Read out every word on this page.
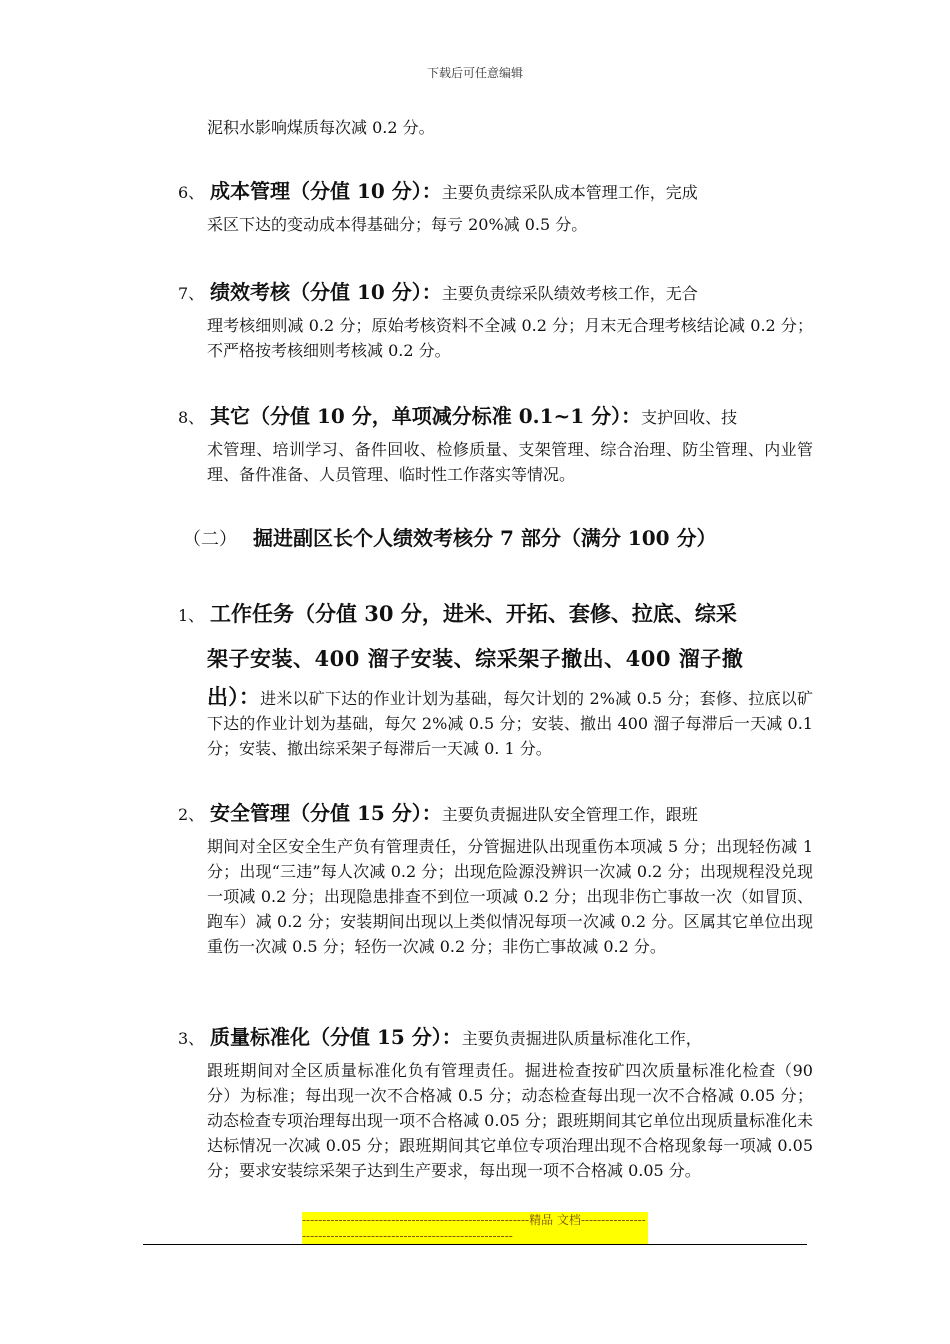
下载后可任意编辑
泥积水影响煤质每次减 0.2 分。
6、 成本管理（分值 10 分）：主要负责综采队成本管理工作，完成
采区下达的变动成本得基础分；每亏 20%减 0.5 分。
7、 绩效考核（分值 10 分）：主要负责综采队绩效考核工作，无合
理考核细则减 0.2 分；原始考核资料不全减 0.2 分；月末无合理考核结论减 0.2 分；不严格按考核细则考核减 0.2 分。
8、 其它（分值 10 分，单项减分标准 0.1~1 分）：支护回收、技
术管理、培训学习、备件回收、检修质量、支架管理、综合治理、防尘管理、内业管理、备件准备、人员管理、临时性工作落实等情况。
（二） 掘进副区长个人绩效考核分 7 部分（满分 100 分）
1、 工作任务（分值 30 分，进米、开拓、套修、拉底、综采
架子安装、400 溜子安装、综采架子撤出、400 溜子撤
出）：进米以矿下达的作业计划为基础，每欠计划的 2%减 0.5 分；套修、拉底以矿下达的作业计划为基础，每欠 2%减 0.5 分；安装、撤出 400 溜子每滞后一天减 0.1 分；安装、撤出综采架子每滞后一天减 0. 1 分。
2、 安全管理（分值 15 分）：主要负责掘进队安全管理工作，跟班
期间对全区安全生产负有管理责任，分管掘进队出现重伤本项减 5 分；出现轻伤减 1 分；出现“三违”每人次减 0.2 分；出现危险源没辨识一次减 0.2 分；出现规程没兑现一项减 0.2 分；出现隐患排查不到位一项减 0.2 分；出现非伤亡事故一次（如冒顶、跑车）减 0.2 分；安装期间出现以上类似情况每项一次减 0.2 分。区属其它单位出现重伤一次减 0.5 分；轻伤一次减 0.2 分；非伤亡事故减 0.2 分。
3、 质量标准化（分值 15 分）：主要负责掘进队质量标准化工作，
跟班期间对全区质量标准化负有管理责任。掘进检查按矿四次质量标准化检查（90 分）为标准；每出现一次不合格减 0.5 分；动态检查每出现一次不合格减 0.05 分；动态检查专项治理每出现一项不合格减 0.05 分；跟班期间其它单位出现质量标准化未达标情况一次减 0.05 分；跟班期间其它单位专项治理出现不合格现象每一项减 0.05 分；要求安装综采架子达到生产要求，每出现一项不合格减 0.05 分。
--------------------------------------------------------精品 文档--------------------------------------------------------------------
